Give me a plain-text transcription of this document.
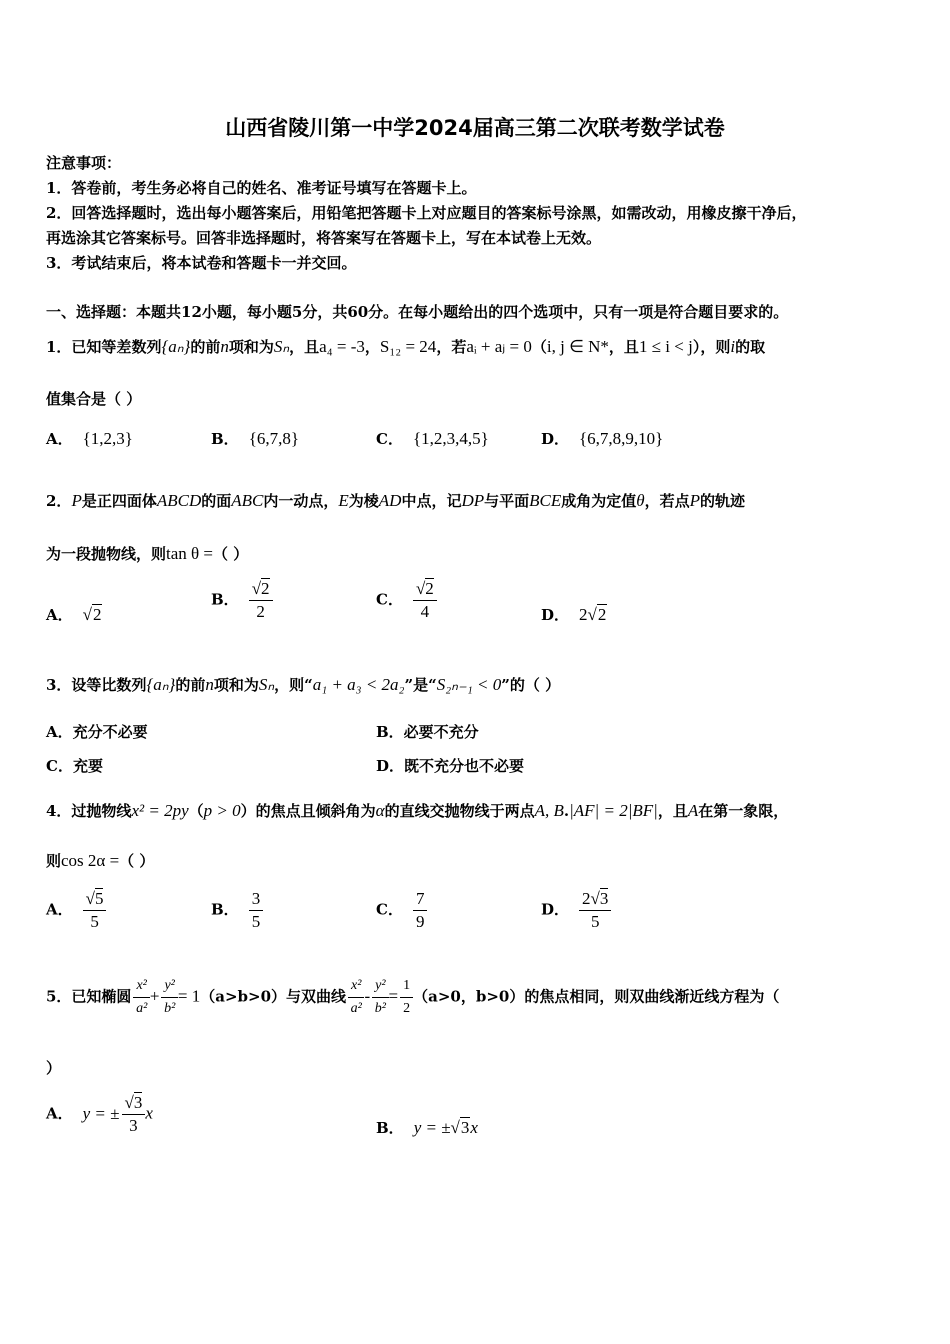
山西省陵川第一中学2024届高三第二次联考数学试卷
注意事项：
1．答卷前，考生务必将自己的姓名、准考证号填写在答题卡上。
2．回答选择题时，选出每小题答案后，用铅笔把答题卡上对应题目的答案标号涂黑，如需改动，用橡皮擦干净后，
再选涂其它答案标号。回答非选择题时，将答案写在答题卡上，写在本试卷上无效。
3．考试结束后，将本试卷和答题卡一并交回。
一、选择题：本题共12小题，每小题5分，共60分。在每小题给出的四个选项中，只有一项是符合题目要求的。
1．已知等差数列{aₙ}的前n项和为Sₙ，且a₄ = -3，S₁₂ = 24，若aᵢ + aⱼ = 0（i, j ∈ N*，且1 ≤ i < j），则i的取
值集合是（ ）
A． {1,2,3}	B． {6,7,8}	C． {1,2,3,4,5}	D． {6,7,8,9,10}
2．P是正四面体ABCD的面ABC内一动点，E为棱AD中点，记DP与平面BCE成角为定值θ，若点P的轨迹
为一段抛物线，则tan θ =（ ）
A． √2
B． $\frac{√2}{2}$	C． $\frac{√2}{4}$	D． 2√2
3．设等比数列{aₙ}的前n项和为Sₙ，则“a₁ + a₃ < 2a₂”是“S₂ₙ₋₁ < 0”的（ ）
A．充分不必要	B．必要不充分
C．充要	D．既不充分也不必要
4．过抛物线x² = 2py（p > 0）的焦点且倾斜角为α的直线交抛物线于两点A, B.|AF| = 2|BF|，且A在第一象限，
则cos 2α =（ ）
A． $\frac{√5}{5}$	B． $\frac{3}{5}$	C． $\frac{7}{9}$	D． $\frac{2√3}{5}$
5．已知椭圆 $\frac{\text{x²}}{\text{a²}} + \frac{\text{y²}}{\text{b²}} = 1(a>b>0)$与双曲线 $\frac{\text{x²}}{\text{a²}} - \frac{\text{y²}}{\text{b²}} = \frac{1}{2} (a>0$，b>0）的焦点相同，则双曲线渐近线方程为（
）
A． y = ± $\frac{√3}{3}$ x
B． y = ±√3x
